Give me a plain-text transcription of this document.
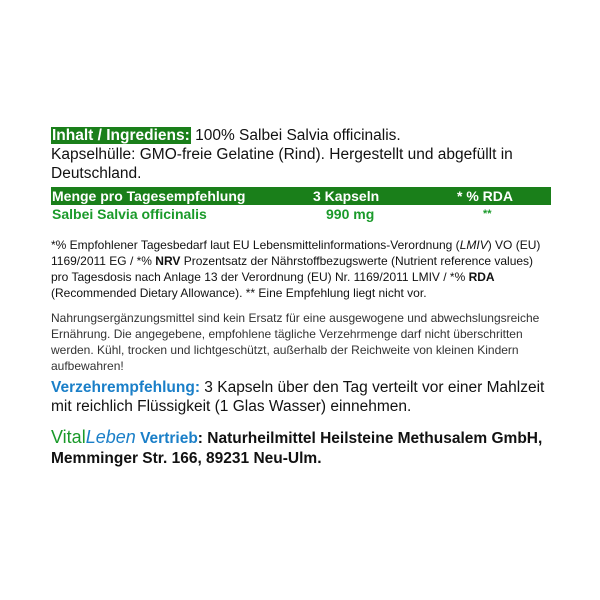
Inhalt / Ingrediens: 100% Salbei Salvia officinalis.
Kapselhülle: GMO-freie Gelatine (Rind). Hergestellt und abgefüllt in Deutschland.

Menge pro Tagesempfehlung	3 Kapseln	* % RDA
Salbei Salvia officinalis	990 mg	**

*% Empfohlener Tagesbedarf laut EU Lebensmittelinformations-Verordnung (LMIV) VO (EU) 1169/2011 EG / *% NRV Prozentsatz der Nährstoffbezugswerte (Nutrient reference values) pro Tagesdosis nach Anlage 13 der Verordnung (EU) Nr. 1169/2011 LMIV / *% RDA (Recommended Dietary Allowance). ** Eine Empfehlung liegt nicht vor.

Nahrungsergänzungsmittel sind kein Ersatz für eine ausgewogene und abwechslungsreiche Ernährung. Die angegebene, empfohlene tägliche Verzehrmenge darf nicht überschritten werden. Kühl, trocken und lichtgeschützt, außerhalb der Reichweite von kleinen Kindern aufbewahren!

Verzehrempfehlung: 3 Kapseln über den Tag verteilt vor einer Mahlzeit mit reichlich Flüssigkeit (1 Glas Wasser) einnehmen.

VitalLeben Vertrieb: Naturheilmittel Heilsteine Methusalem GmbH, Memminger Str. 166, 89231 Neu-Ulm.
